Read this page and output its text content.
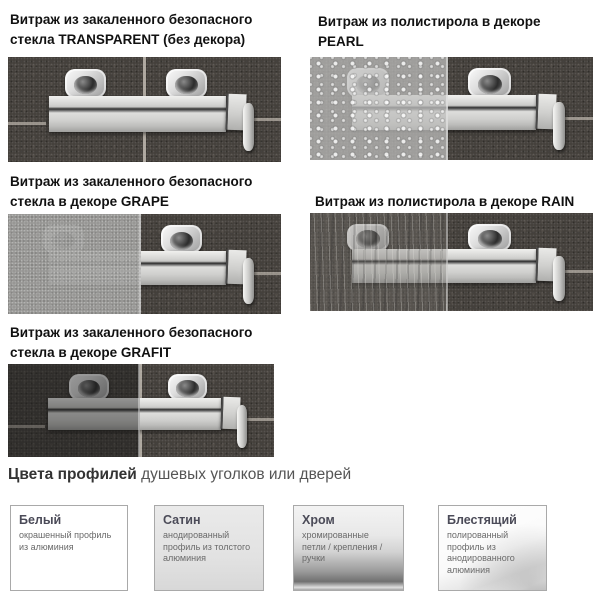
Витраж из закаленного безопасного стекла TRANSPARENT (без декора)
Витраж из полистирола в декоре PEARL
Витраж из закаленного безопасного стекла в декоре GRAPE	Витраж из полистирола в декоре RAIN
Витраж из закаленного безопасного стекла в декоре GRAFIT
Цвета профилей душевых уголков или дверей
Белый
окрашенный профиль из алюминия
Сатин
анодированный профиль из толстого алюминия
Хром
хромированные петли / крепления / ручки
Блестящий
полированный профиль из анодированного алюминия
